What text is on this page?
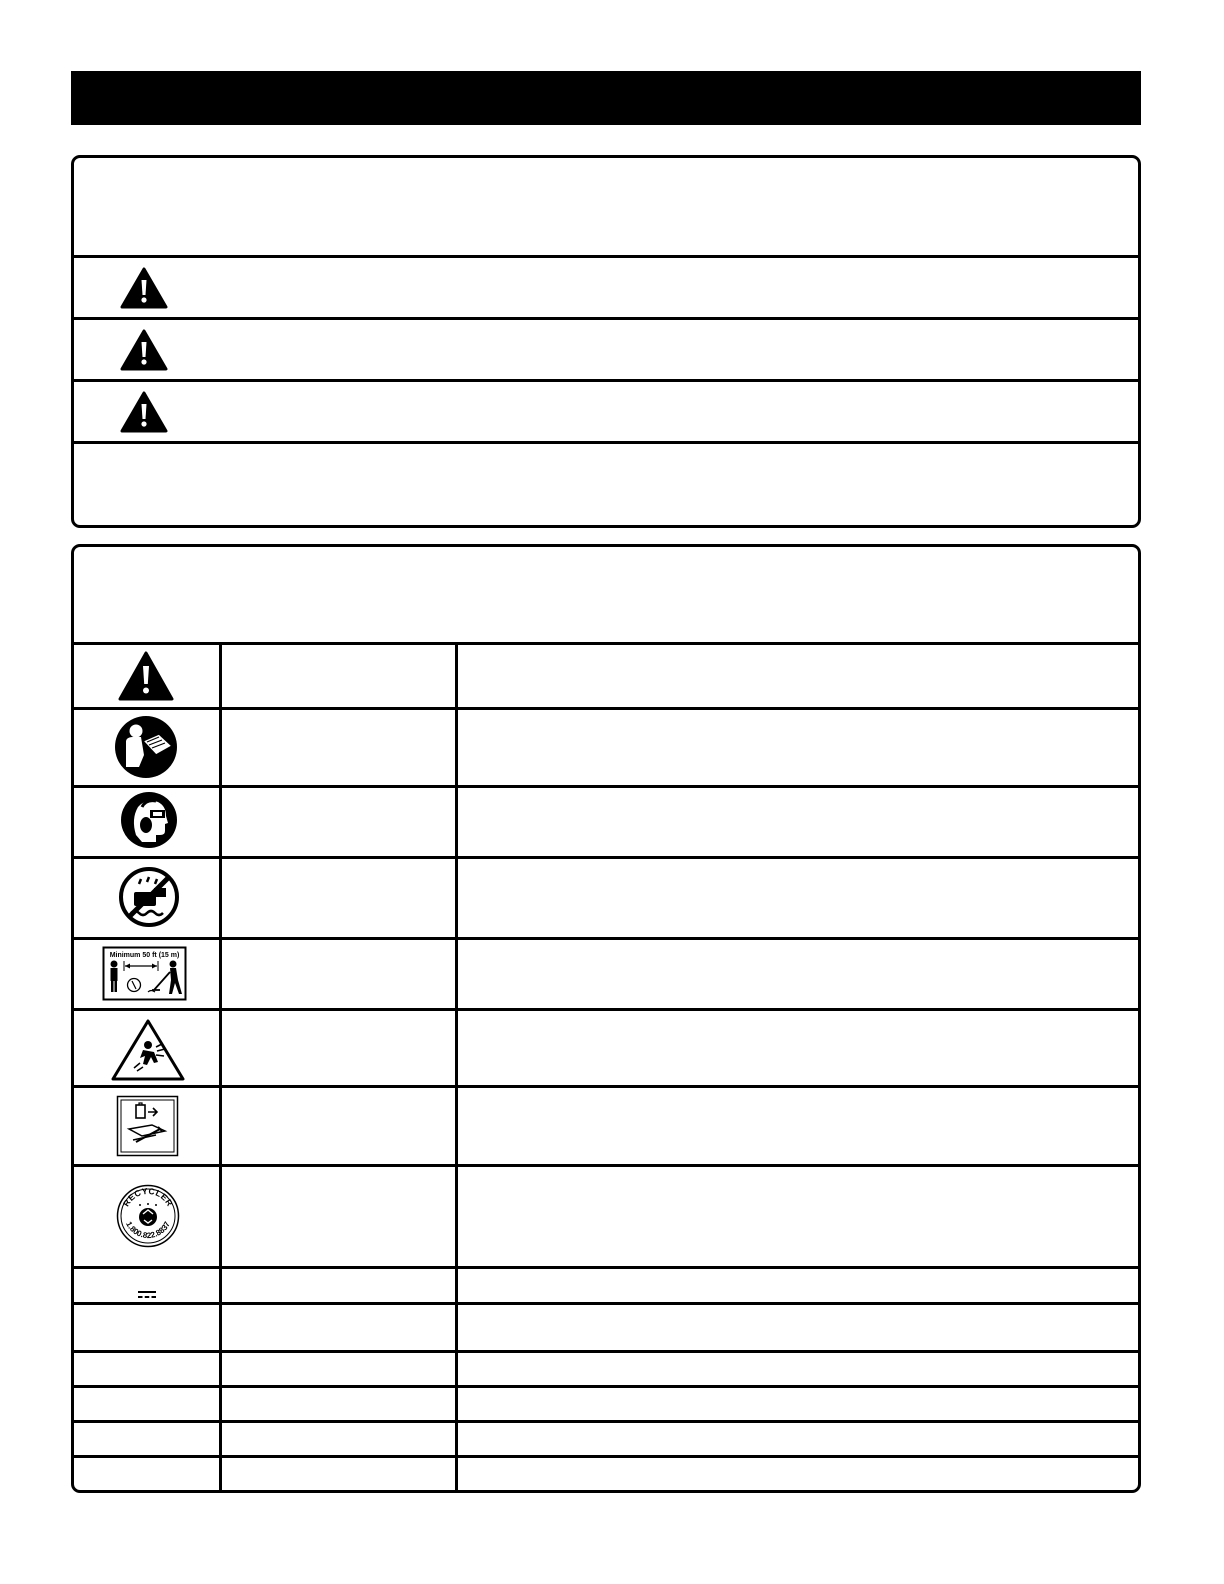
Minimum 50 ft (15 m)
RECYCLER
1.800.822.8837
